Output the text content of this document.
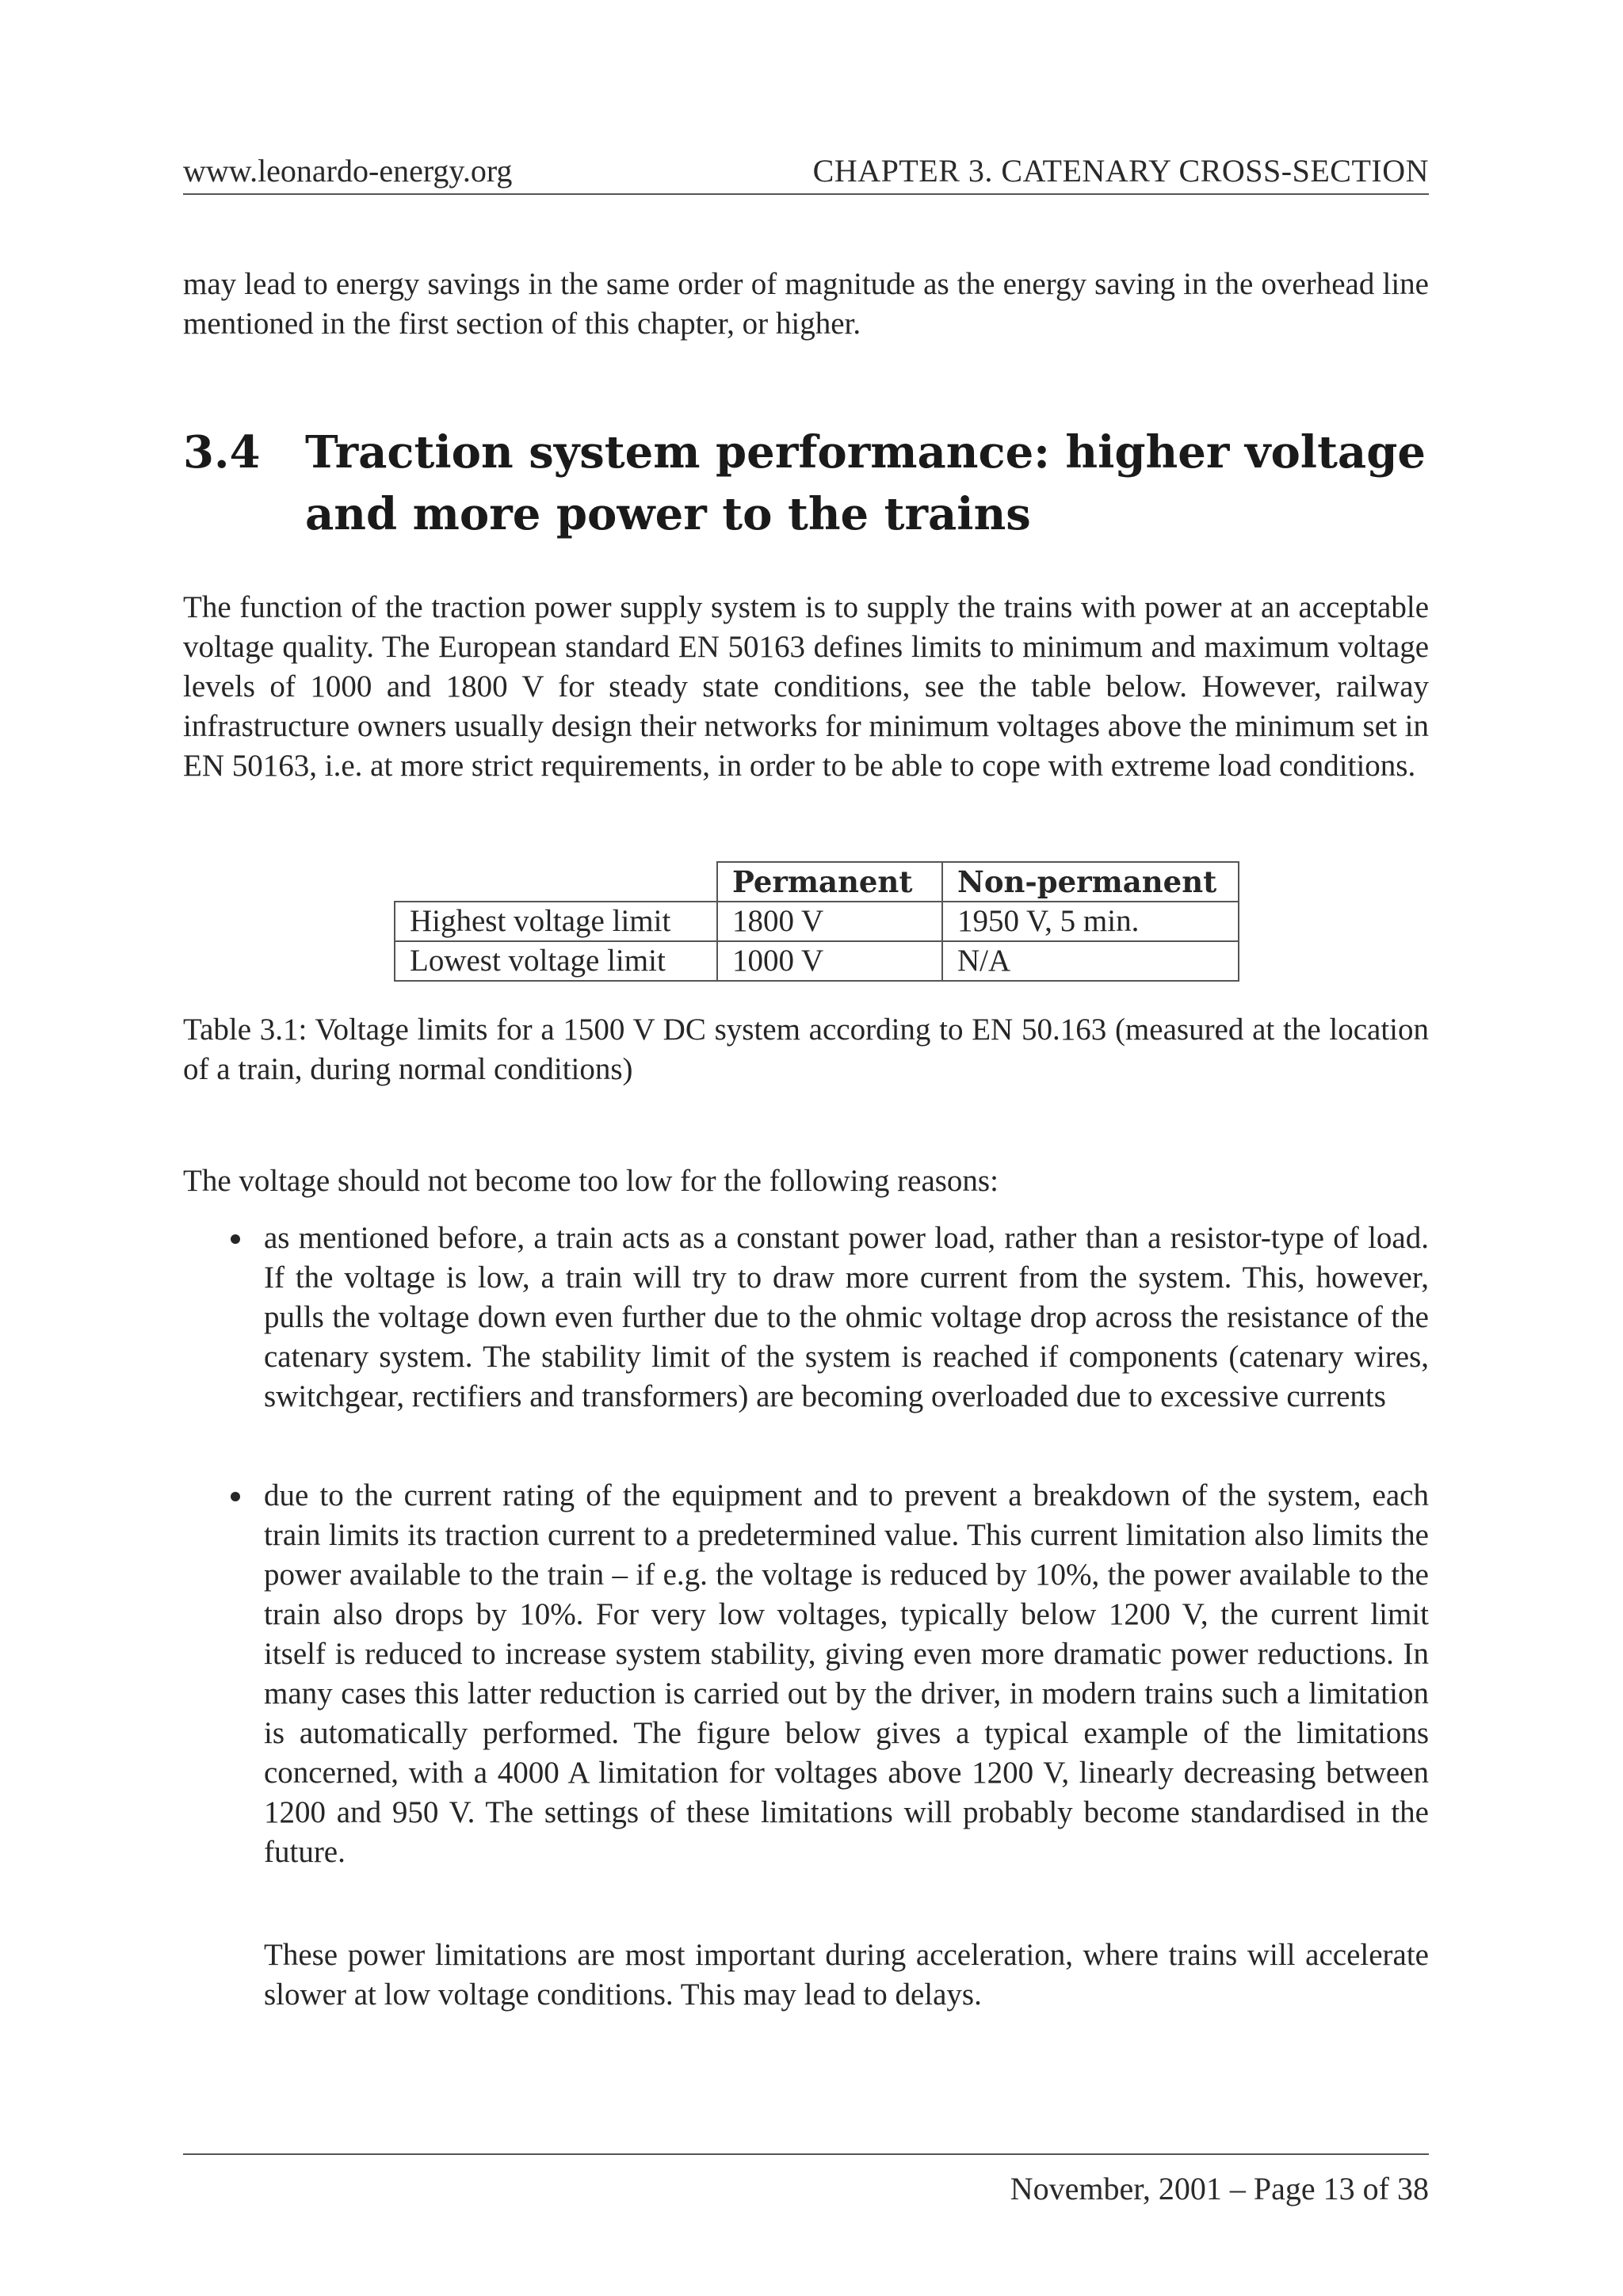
www.leonardo-energy.org	CHAPTER 3. CATENARY CROSS-SECTION
may lead to energy savings in the same order of magnitude as the energy saving in the overhead line mentioned in the first section of this chapter, or higher.
3.4 Traction system performance: higher voltage and more power to the trains
The function of the traction power supply system is to supply the trains with power at an acceptable voltage quality. The European standard EN 50163 defines limits to minimum and maximum voltage levels of 1000 and 1800 V for steady state conditions, see the table below. However, railway infrastructure owners usually design their networks for minimum voltages above the minimum set in EN 50163, i.e. at more strict requirements, in order to be able to cope with extreme load conditions.
	Permanent	Non-permanent
Highest voltage limit	1800 V	1950 V, 5 min.
Lowest voltage limit	1000 V	N/A
Table 3.1: Voltage limits for a 1500 V DC system according to EN 50.163 (measured at the location of a train, during normal conditions)
The voltage should not become too low for the following reasons:
as mentioned before, a train acts as a constant power load, rather than a resistor-type of load. If the voltage is low, a train will try to draw more current from the system. This, however, pulls the voltage down even further due to the ohmic voltage drop across the resistance of the catenary system. The stability limit of the system is reached if components (catenary wires, switchgear, rectifiers and transformers) are becoming overloaded due to excessive currents
due to the current rating of the equipment and to prevent a breakdown of the system, each train limits its traction current to a predetermined value. This current limitation also limits the power available to the train – if e.g. the voltage is reduced by 10%, the power available to the train also drops by 10%. For very low voltages, typically below 1200 V, the current limit itself is reduced to increase system stability, giving even more dramatic power reductions. In many cases this latter reduction is carried out by the driver, in modern trains such a limitation is automatically performed. The figure below gives a typical example of the limitations concerned, with a 4000 A limitation for voltages above 1200 V, linearly decreasing between 1200 and 950 V. The settings of these limitations will probably become standardised in the future.
These power limitations are most important during acceleration, where trains will accelerate slower at low voltage conditions. This may lead to delays.
November, 2001 – Page 13 of 38
